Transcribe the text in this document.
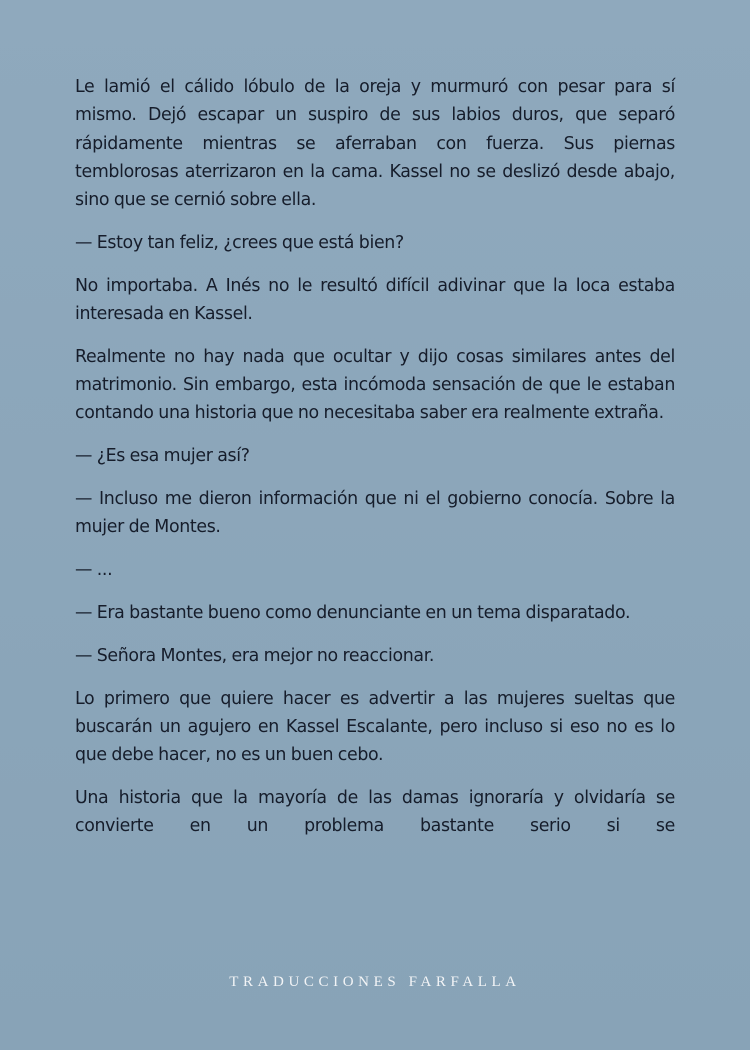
Le lamió el cálido lóbulo de la oreja y murmuró con pesar para sí mismo. Dejó escapar un suspiro de sus labios duros, que separó rápidamente mientras se aferraban con fuerza. Sus piernas temblorosas aterrizaron en la cama. Kassel no se deslizó desde abajo, sino que se cernió sobre ella.

— Estoy tan feliz, ¿crees que está bien?

No importaba. A Inés no le resultó difícil adivinar que la loca estaba interesada en Kassel.

Realmente no hay nada que ocultar y dijo cosas similares antes del matrimonio. Sin embargo, esta incómoda sensación de que le estaban contando una historia que no necesitaba saber era realmente extraña.

— ¿Es esa mujer así?

— Incluso me dieron información que ni el gobierno conocía. Sobre la mujer de Montes.

— ...

— Era bastante bueno como denunciante en un tema disparatado.

— Señora Montes, era mejor no reaccionar.

Lo primero que quiere hacer es advertir a las mujeres sueltas que buscarán un agujero en Kassel Escalante, pero incluso si eso no es lo que debe hacer, no es un buen cebo.

Una historia que la mayoría de las damas ignoraría y olvidaría se convierte en un problema bastante serio si se

TRADUCCIONES FARFALLA
